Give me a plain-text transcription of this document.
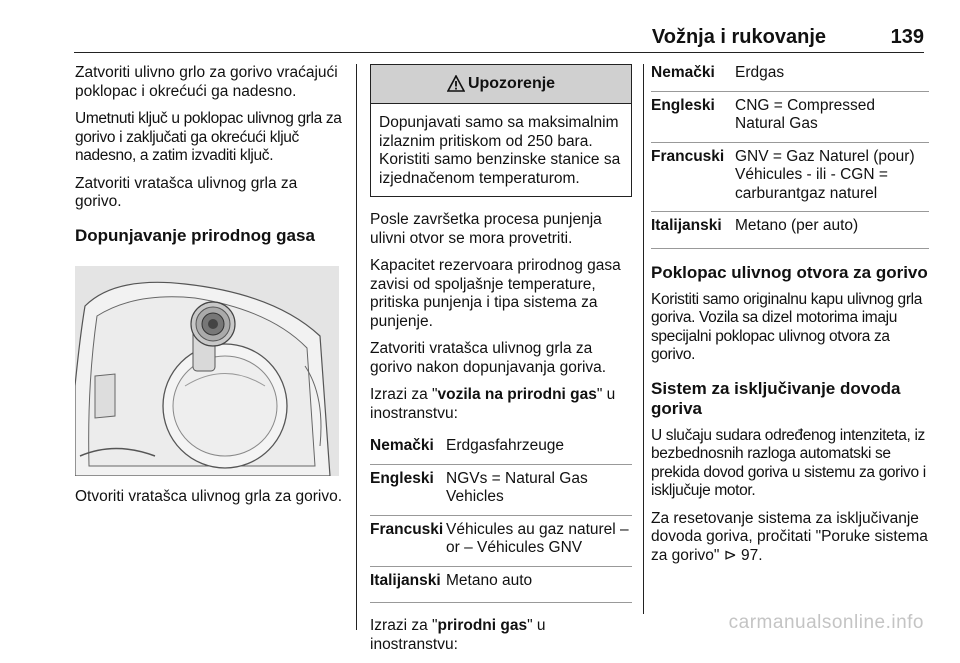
Vožnja i rukovanje	139

Zatvoriti ulivno grlo za gorivo vraćajući poklopac i okrećući ga nadesno.

Umetnuti ključ u poklopac ulivnog grla za gorivo i zaključati ga okrećući ključ nadesno, a zatim izvaditi ključ.

Zatvoriti vratašca ulivnog grla za gorivo.

Dopunjavanje prirodnog gasa

Otvoriti vratašca ulivnog grla za gorivo.

Upozorenje
Dopunjavati samo sa maksimalnim izlaznim pritiskom od 250 bara. Koristiti samo benzinske stanice sa izjednačenom temperaturom.

Posle završetka procesa punjenja ulivni otvor se mora provetriti.

Kapacitet rezervoara prirodnog gasa zavisi od spoljašnje temperature, pritiska punjenja i tipa sistema za punjenje.

Zatvoriti vratašca ulivnog grla za gorivo nakon dopunjavanja goriva.

Izrazi za "vozila na prirodni gas" u inostranstvu:

Nemački Erdgasfahrzeuge
Engleski NGVs = Natural Gas Vehicles
Francuski Véhicules au gaz naturel – or – Véhicules GNV
Italijanski Metano auto

Izrazi za "prirodni gas" u inostranstvu:

Nemački	Erdgas
Engleski	CNG = Compressed Natural Gas
Francuski GNV = Gaz Naturel (pour) Véhicules - ili - CGN = carburantgaz naturel
Italijanski Metano (per auto)
Poklopac ulivnog otvora za gorivo

Koristiti samo originalnu kapu ulivnog grla goriva. Vozila sa dizel motorima imaju specijalni poklopac ulivnog otvora za gorivo.

Sistem za isključivanje dovoda goriva

U slučaju sudara određenog intenziteta, iz bezbednosnih razloga automatski se prekida dovod goriva u sistemu za gorivo i isključuje motor.

Za resetovanje sistema za isključivanje dovoda goriva, pročitati "Poruke sistema za gorivo" ⊳ 97.

carmanualsonline.info
